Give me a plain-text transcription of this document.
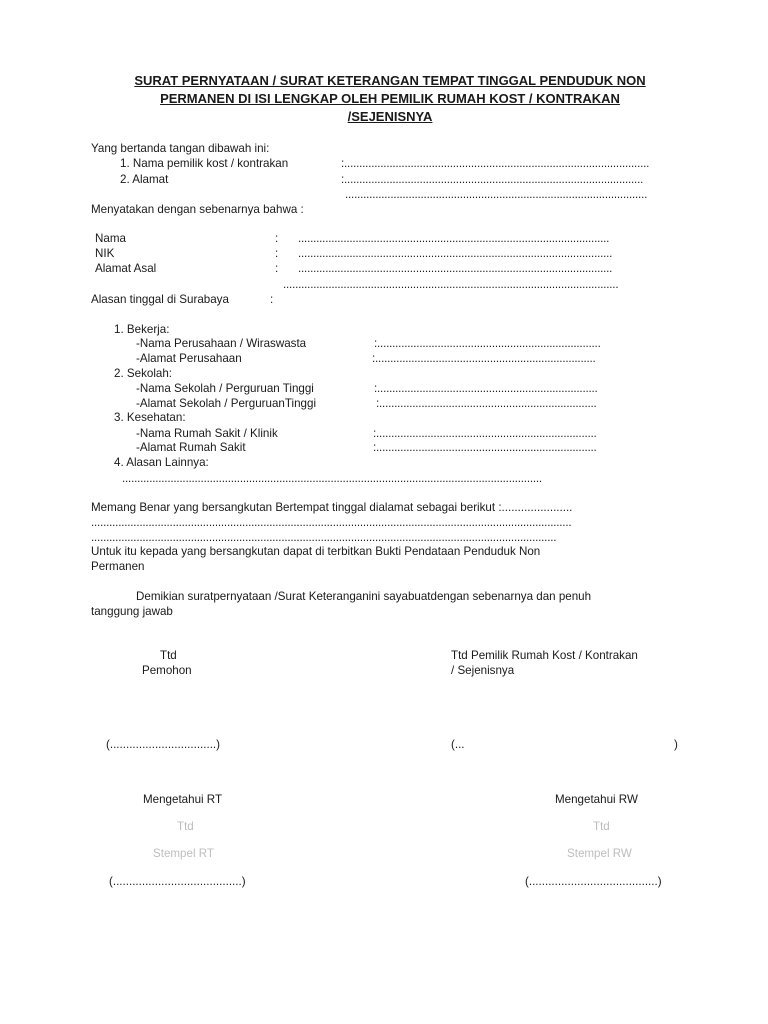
SURAT PERNYATAAN / SURAT KETERANGAN TEMPAT TINGGAL PENDUDUK NON
PERMANEN DI ISI LENGKAP OLEH PEMILIK RUMAH KOST / KONTRAKAN
/SEJENISNYA
Yang bertanda tangan dibawah ini:
1. Nama pemilik kost / kontrakan	:.....................................................................................................
2. Alamat	:...................................................................................................
....................................................................................................
Menyatakan dengan sebenarnya bahwa :
Nama	: .......................................................................................................
NIK	: ........................................................................................................
Alamat Asal	: ........................................................................................................
...............................................................................................................
Alasan tinggal di Surabaya	:
1. Bekerja:
-Nama Perusahaan / Wiraswasta	:..........................................................................
-Alamat Perusahaan	:.........................................................................
2. Sekolah:
-Nama Sekolah / Perguruan Tinggi	:.........................................................................
-Alamat Sekolah / PerguruanTinggi	:........................................................................
3. Kesehatan:
-Nama Rumah Sakit / Klinik	:.........................................................................
-Alamat Rumah Sakit	:.........................................................................
4. Alasan Lainnya:
...........................................................................................................................................
Memang Benar yang bersangkutan Bertempat tinggal dialamat sebagai berikut :......................
...............................................................................................................................................................
..........................................................................................................................................................
Untuk itu kepada yang bersangkutan dapat di terbitkan Bukti Pendataan Penduduk Non
Permanen
Demikian suratpernyataan /Surat Keteranganini sayabuatdengan sebenarnya dan penuh
tanggung jawab
Ttd
Pemohon
(.................................)
Ttd Pemilik Rumah Kost / Kontrakan
/ Sejenisnya
(...	)
Mengetahui RT
Ttd
Stempel RT
(........................................)
Mengetahui RW
Ttd
Stempel RW
(........................................)
